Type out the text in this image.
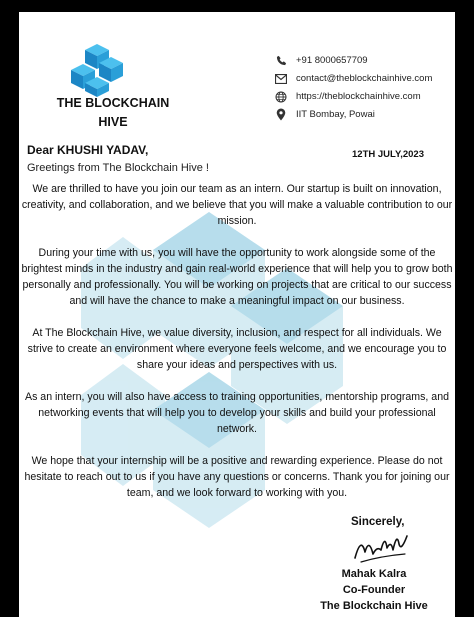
THE BLOCKCHAIN
HIVE
+91 8000657709
contact@theblockchainhive.com
https://theblockchainhive.com
IIT Bombay, Powai
Dear KHUSHI YADAV,
Greetings from The Blockchain Hive !
12TH JULY,2023

We are thrilled to have you join our team as an intern. Our startup is built on innovation, creativity, and collaboration, and we believe that you will make a valuable contribution to our mission.

During your time with us, you will have the opportunity to work alongside some of the brightest minds in the industry and gain real-world experience that will help you to grow both personally and professionally. You will be working on projects that are critical to our success and will have the chance to make a meaningful impact on our business.

At The Blockchain Hive, we value diversity, inclusion, and respect for all individuals. We strive to create an environment where everyone feels welcome, and we encourage you to share your ideas and perspectives with us.

As an intern, you will also have access to training opportunities, mentorship programs, and networking events that will help you to develop your skills and build your professional network.

We hope that your internship will be a positive and rewarding experience. Please do not hesitate to reach out to us if you have any questions or concerns. Thank you for joining our team, and we look forward to working with you.

Sincerely,
Mahak Kalra
Co-Founder
The Blockchain Hive
